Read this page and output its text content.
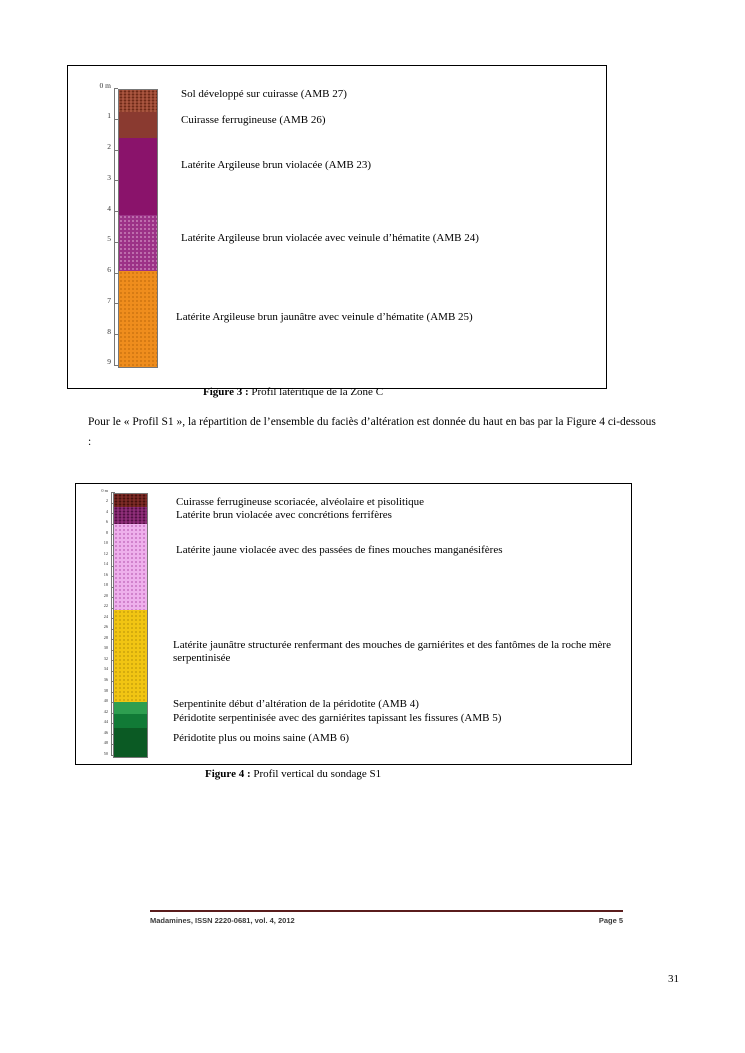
0 m
1
2
3
4
5
6
7
8
9
Sol développé sur cuirasse (AMB 27)
Cuirasse ferrugineuse (AMB 26)
Latérite Argileuse brun violacée (AMB 23)
Latérite Argileuse brun violacée avec veinule d’hématite (AMB 24)
Latérite Argileuse brun jaunâtre avec veinule d’hématite (AMB 25)
Figure 3 : Profil latéritique de la Zone C
Pour le « Profil S1 », la répartition de l’ensemble du faciès d’altération est donnée du haut en bas par la Figure 4 ci-dessous :
0 m
2
4
6
8
10
12
14
16
18
20
22
24
26
28
30
32
34
36
38
40
42
44
46
48
50
Cuirasse ferrugineuse scoriacée, alvéolaire et pisolitique
Latérite brun violacée avec concrétions ferrifères
Latérite jaune violacée avec des passées de fines mouches manganésifères
Latérite jaunâtre structurée renfermant des mouches de garniérites et des fantômes de la roche mère serpentinisée
Serpentinite début d’altération de la péridotite (AMB 4)
Péridotite serpentinisée avec des garniérites tapissant les fissures (AMB 5)
Péridotite plus ou moins saine (AMB 6)
Figure 4 : Profil vertical du sondage S1
Madamines, ISSN 2220-0681, vol. 4, 2012	Page 5
31
